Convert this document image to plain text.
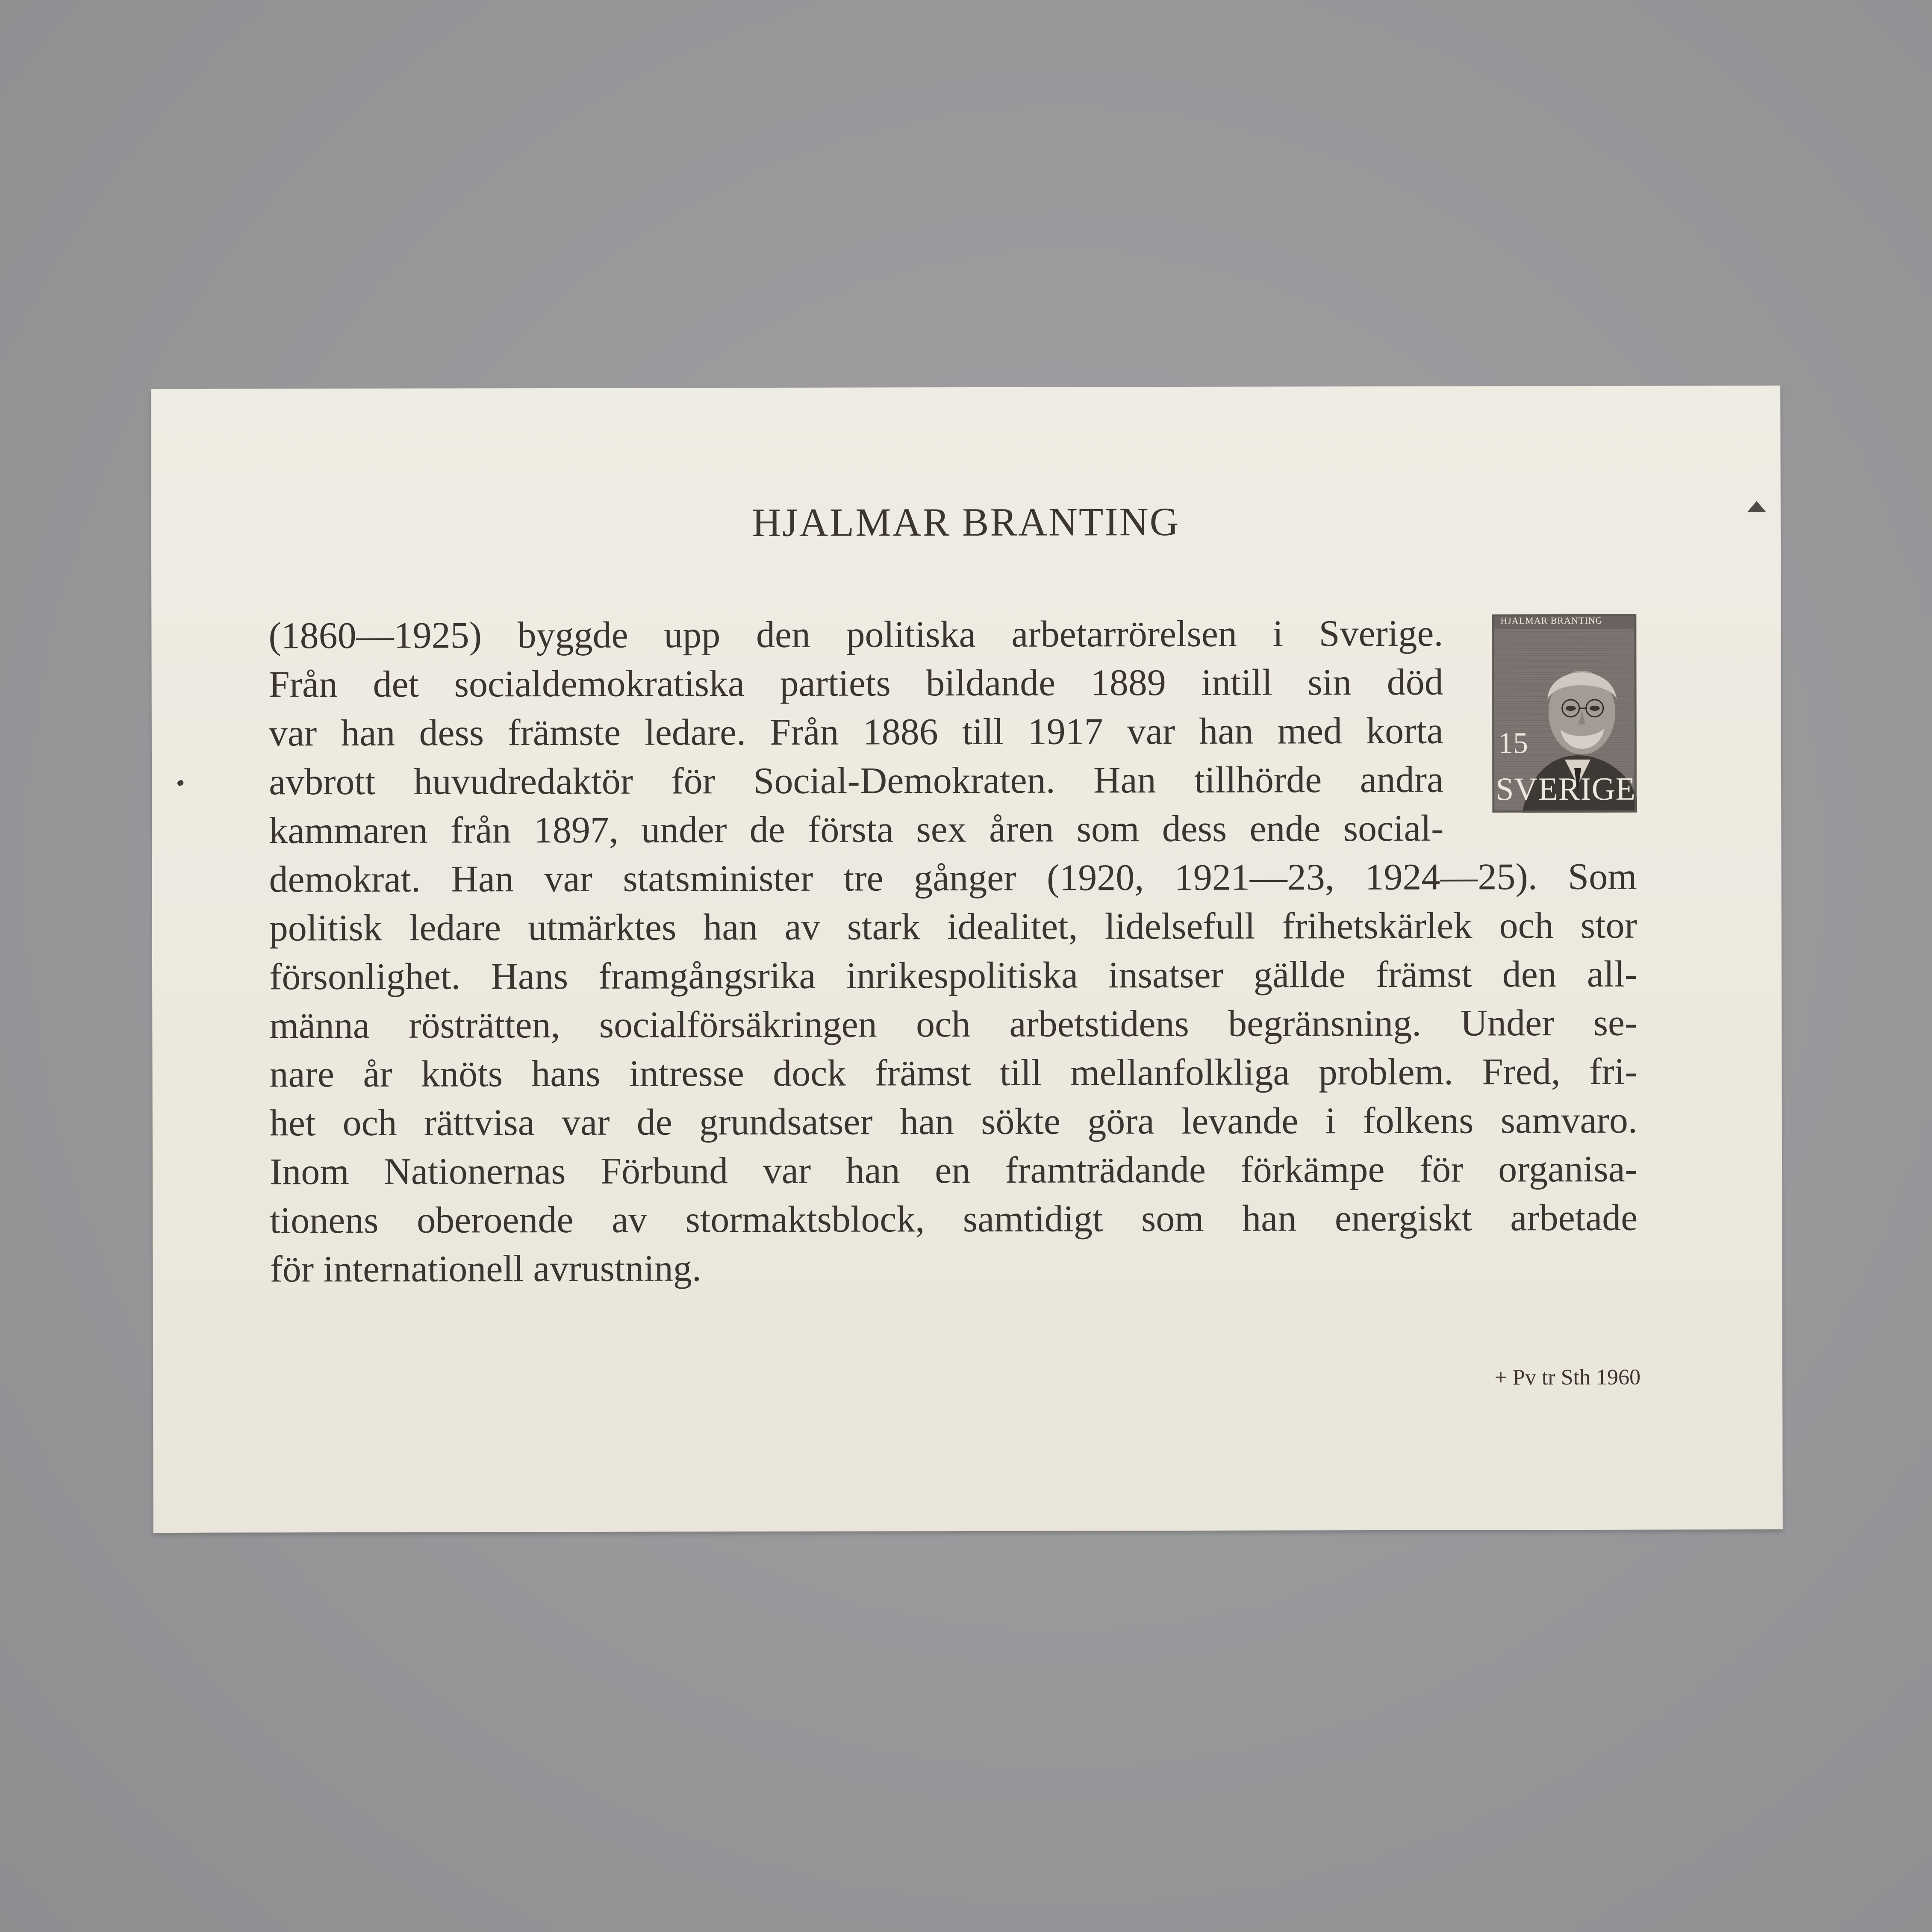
HJALMAR BRANTING
HJALMAR BRANTING
15
SVERIGE
(1860—1925) byggde upp den politiska arbetarrörelsen i Sverige.
Från det socialdemokratiska partiets bildande 1889 intill sin död
var han dess främste ledare. Från 1886 till 1917 var han med korta
avbrott huvudredaktör för Social-Demokraten. Han tillhörde andra
kammaren från 1897, under de första sex åren som dess ende social-
demokrat. Han var statsminister tre gånger (1920, 1921—23, 1924—25). Som
politisk ledare utmärktes han av stark idealitet, lidelsefull frihetskärlek och stor
försonlighet. Hans framgångsrika inrikespolitiska insatser gällde främst den all-
männa rösträtten, socialförsäkringen och arbetstidens begränsning. Under se-
nare år knöts hans intresse dock främst till mellanfolkliga problem. Fred, fri-
het och rättvisa var de grundsatser han sökte göra levande i folkens samvaro.
Inom Nationernas Förbund var han en framträdande förkämpe för organisa-
tionens oberoende av stormaktsblock, samtidigt som han energiskt arbetade
för internationell avrustning.

+ Pv tr Sth 1960
